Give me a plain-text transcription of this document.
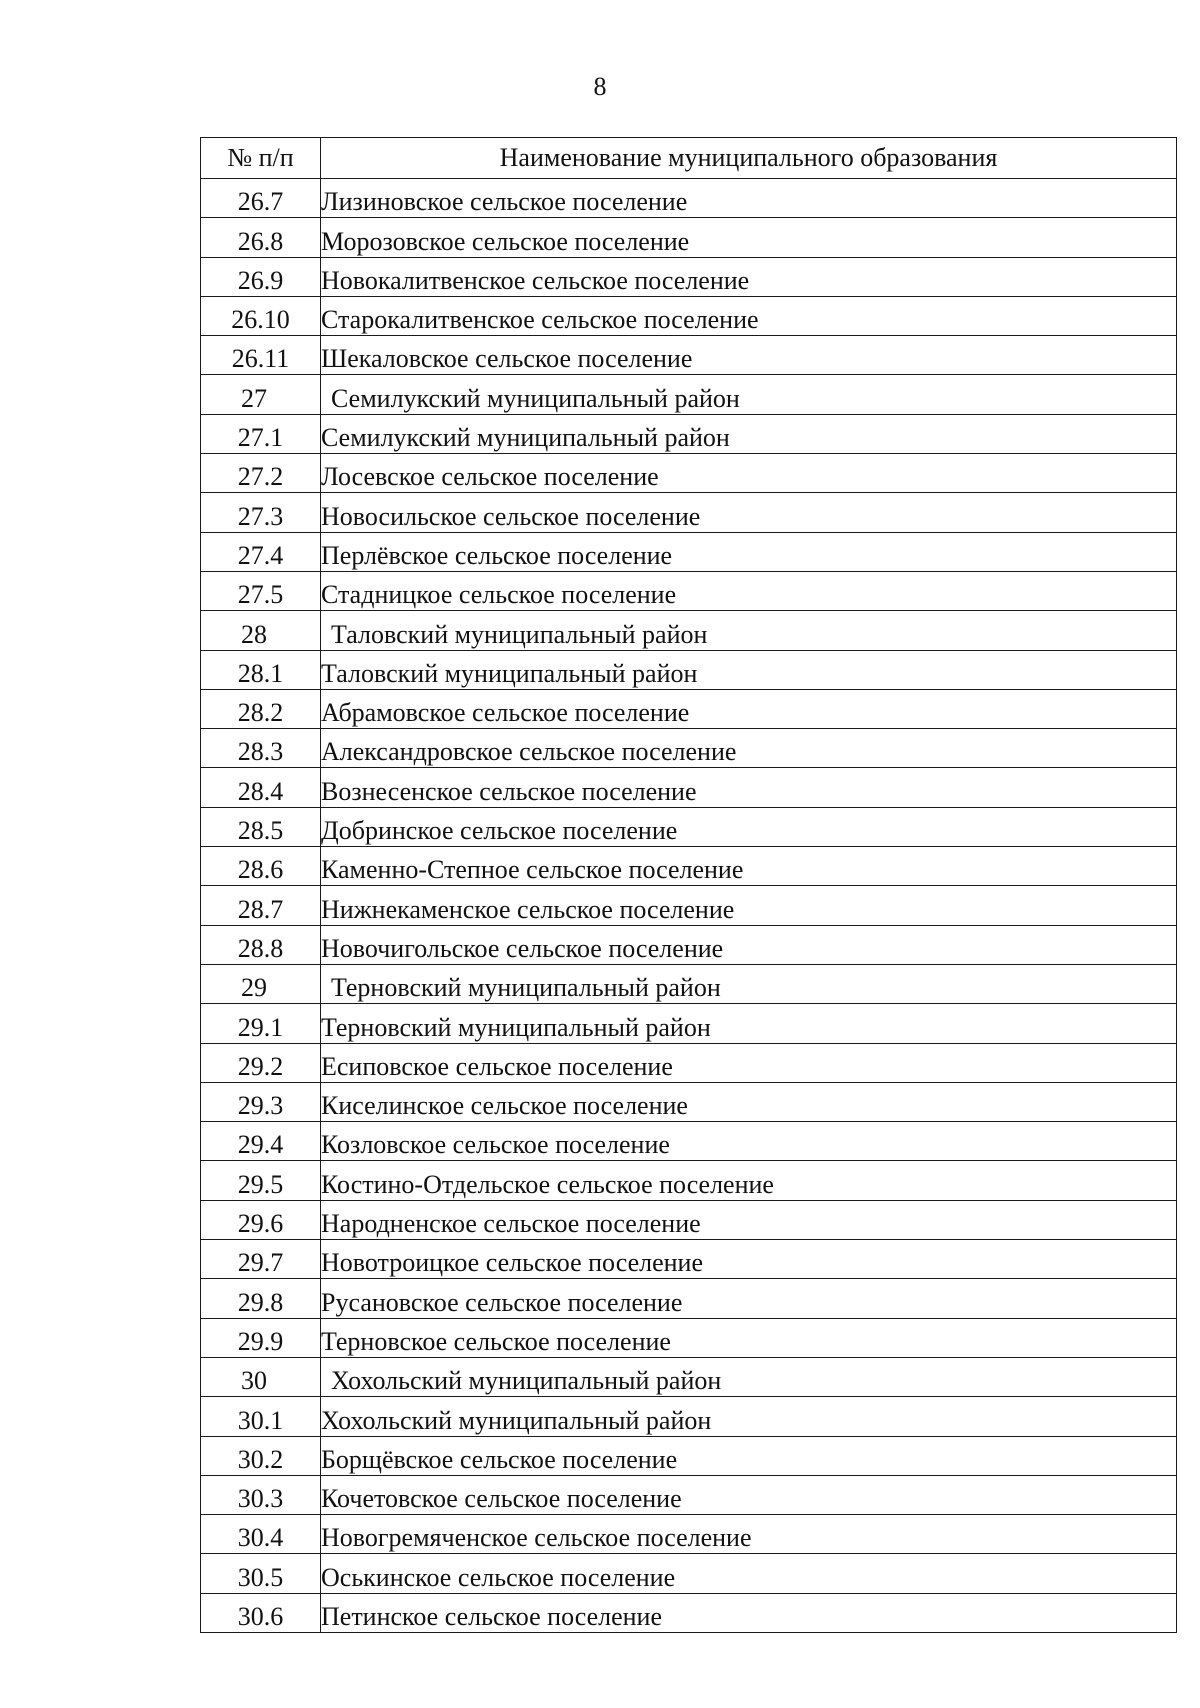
8
№ п/п	Наименование муниципального образования
26.7	Лизиновское сельское поселение
26.8	Морозовское сельское поселение
26.9	Новокалитвенское сельское поселение
26.10	Старокалитвенское сельское поселение
26.11	Шекаловское сельское поселение
27	Семилукский муниципальный район
27.1	Семилукский муниципальный район
27.2	Лосевское сельское поселение
27.3	Новосильское сельское поселение
27.4	Перлёвское сельское поселение
27.5	Стадницкое сельское поселение
28	Таловский муниципальный район
28.1	Таловский муниципальный район
28.2	Абрамовское сельское поселение
28.3	Александровское сельское поселение
28.4	Вознесенское сельское поселение
28.5	Добринское сельское поселение
28.6	Каменно-Степное сельское поселение
28.7	Нижнекаменское сельское поселение
28.8	Новочигольское сельское поселение
29	Терновский муниципальный район
29.1	Терновский муниципальный район
29.2	Есиповское сельское поселение
29.3	Киселинское сельское поселение
29.4	Козловское сельское поселение
29.5	Костино-Отдельское сельское поселение
29.6	Народненское сельское поселение
29.7	Новотроицкое сельское поселение
29.8	Русановское сельское поселение
29.9	Терновское сельское поселение
30	Хохольский муниципальный район
30.1	Хохольский муниципальный район
30.2	Борщёвское сельское поселение
30.3	Кочетовское сельское поселение
30.4	Новогремяченское сельское поселение
30.5	Оськинское сельское поселение
30.6	Петинское сельское поселение
